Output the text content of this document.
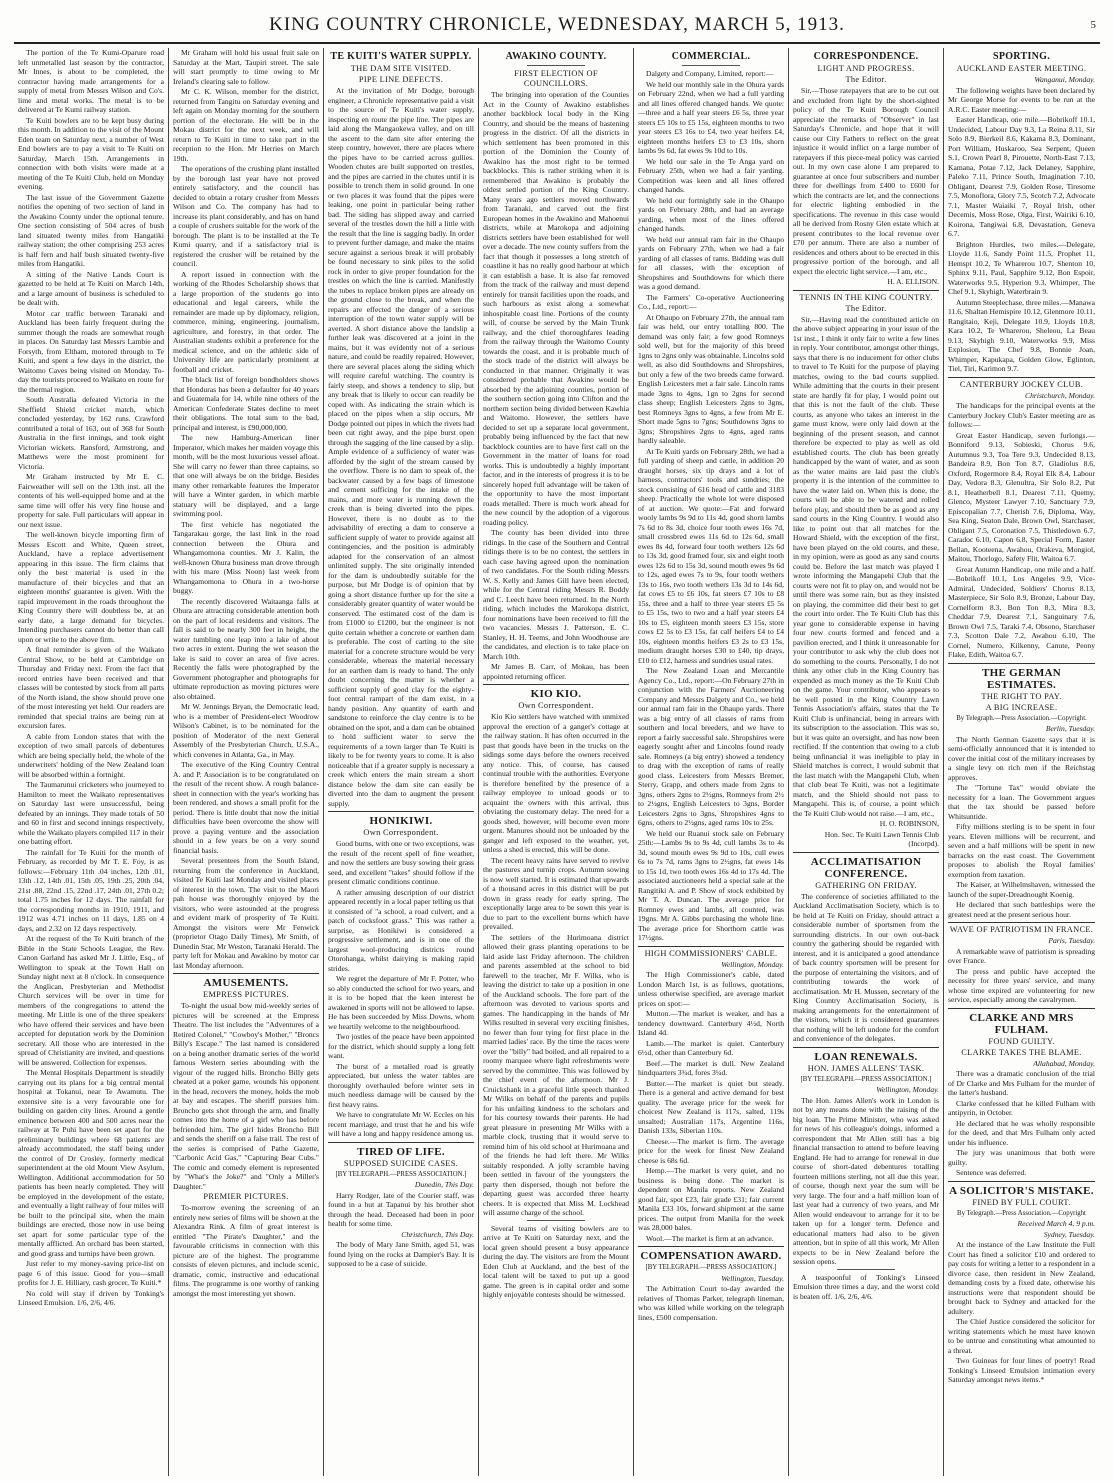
KING COUNTRY CHRONICLE, WEDNESDAY, MARCH 5, 1913.	5

The portion of the Te Kumi-Oparure road left unmetalled last season by the contractor, Mr Innes, is about to be completed, the contractor having made arrangements for a supply of metal from Messrs Wilson and Co's. lime and metal works. The metal is to be delivered at Te Kumi railway station.

Te Kuiti bowlers are to be kept busy during this month. In addition to the visit of the Mount Eden team on Saturday next, a number of West End bowlers are to pay a visit to Te Kuiti on Saturday, March 15th. Arrangements in connection with both visits were made at a meeting of the Te Kuiti Club, held on Monday evening.

The last issue of the Government Gazette notifies the opening of two section of land in the Awakino County under the optional tenure. One section consisting of 504 acres of bush land situated twenty miles from Hangatiki railway station; the other comprising 253 acres is half fern and half bush situated twenty-five miles from Hangatiki.

A sitting of the Native Lands Court is gazetted to be held at Te Kuiti on March 14th, and a large amount of business is scheduled to be dealt with.

Motor car traffic between Taranaki and Auckland has been fairly frequent during the summer though the roads are somewhat rough in places. On Saturday last Messrs Lambie and Forsyth, from Eltham, motored through to Te Kuiti, and spent a few days in the district, the Waitomo Caves being visited on Monday. To-day the tourists proceed to Waikato en route for the thermal region.

South Australia defeated Victoria in the Sheffield Shield cricket match, which concluded yesterday, by 162 runs. Crawford contributed a total of 163, out of 368 for South Australia in the first innings, and took eight Victorian wickets. Ransford, Armstrong, and Matthews were the most prominent for Victoria.

Mr Graham instructed by Mr E. C. Fairweather will sell on the 13th inst. all the contents of his well-equipped home and at the same time will offer his very fine house and property for sale. Full particulars will appear in our next issue.

The well-known bicycle importing firm of Messrs Escott and White, Queen street, Auckland, have a replace advertisement appearing in this issue. The firm claims that only the best material is used in the manufacture of their bicycles and that an eighteen months' guarantee is given. With the rapid improvement in the roads throughout the King Country there will doubtless be, at an early date, a large demand for bicycles. Intending purchasers cannot do better than call upon or write to the above firm.

A final reminder is given of the Waikato Central Show, to be held at Cambridge on Thursday and Friday next. From the fact that record entries have been received and that classes will be contested by stock from all parts of the North island, the show should prove one of the most interesting yet held. Our readers are reminded that special trains are being run at excursion fares.

A cable from London states that with the exception of two small parcels of debentures which are being specially held, the whole of the underwriters' holding of the New Zealand loan will be absorbed within a fortnight.

The Taumarunui cricketers who journeyed to Hamilton to meet the Waikato representatives on Saturday last were unsuccessful, being defeated by an innings. They made totals of 50 and 60 in first and second innings respectively, while the Waikato players compiled 117 in their one batting effort.

The rainfall for Te Kuiti for the month of February, as recorded by Mr T. E. Foy, is as follows:—February 11th .04 inches, 12th .01, 13th .12, 14th .01, 15th .05, 19th .25, 20th .04, 21st .88, 22nd .15, 22nd .17, 24th .01, 27th 0.2; total 1.75 inches for 12 days. The rainfall for the corresponding months in 1910, 1911, and 1912 was 4.71 inches on 11 days, 1.85 on 4 days, and 2.32 on 12 days respectively.

At the request of the Te Kuiti branch of the Bible in the State Schools League, the Rev. Canon Garland has asked Mr J. Little, Esq., of Wellington to speak at the Town Hall on Sunday night next at 8 o'clock. In consequence the Anglican, Presbyterian and Methodist Church services will be over in time for members of the congregations to attend the meeting. Mr Little is one of the three speakers who have offered their services and have been accepted for deputation work by the Dominion secretary. All those who are interested in the spread of Christianity are invited, and questions will be answered. Collection for expenses.

The Mental Hospitals Department is steadily carrying out its plans for a big central mental hospital at Tokanui, near Te Awamutu. The extensive site is a very favourable one for building on garden city lines. Around a gentle eminence between 400 and 500 acres near the railway at Te Puhi have been set apart for the preliminary buildings where 68 patients are already accommodated, the staff being under the control of Dr Crosley, formerly medical superintendent at the old Mount View Asylum, Wellington. Additional accommodation for 50 patients has been nearly completed. They will be employed in the development of the estate, and eventually a light railway of four miles will be built to the principal site, when the main buildings are erected, those now in use being set apart for some particular type of the mentally afflicted. An orchard has been started, and good grass and turnips have been grown.

Just refer to my money-saving price-list on page 6 of this issue. Good for you—small profits for J. E. Hilliary, cash grocer, Te Kuiti.*

No cold will stay if driven by Tonking's Linseed Emulsion. 1/6, 2/6, 4/6.

Mr Graham will hold his usual fruit sale on Saturday at the Mart, Taupiri street. The sale will start promptly to time owing to Mr Ireland's clearing sale to follow.

Mr C. K. Wilson, member for the district, returned from Tangitu on Saturday evening and left again on Monday morning for the southern portion of the electorate. He will be in the Mokau district for the next week, and will return to Te Kuiti in time to take part in the reception to the Hon. Mr Herries on March 19th.

The operations of the crushing plant installed by the borough last year have not proved entirely satisfactory, and the council has decided to obtain a rotary crusher from Messrs Wilson and Co. The company has had to increase its plant considerably, and has on hand a couple of crushers suitable for the work of the borough. The plant is to be installed at the Te Kumi quarry, and if a satisfactory trial is registered the crusher will be retained by the council.

A report issued in connection with the working of the Rhodes Scholarship shows that a large proportion of the students go into educational and legal careers, while the remainder are made up by diplomacy, religion, commerce, mining, engineering, journalism, agriculture, and forestry, in that order. The Australian students exhibit a preference for the medical science, and on the athletic side of University life are particularly prominent at football and cricket.

The black list of foreign bondholders shows that Honduras has been a defaulter for 40 years and Guatemala for 14, while nine others of the American Confederate States decline to meet their obligations. The total sum to the bad, principal and interest, is £90,000,000.

The new Hamburg-American liner Imperator, which makes her maiden voyage this month, will be the most luxurious vessel afloat. She will carry no fewer than three captains, so that one will always be on the bridge. Besides many other remarkable features the Imperator will have a Winter garden, in which marble statuary will be displayed, and a large swimming pool.

The first vehicle has negotiated the Tangarakau gorge, the last link in the road connection between the Ohura and Whangamomona counties. Mr J. Kalin, the well-known Ohura business man drove through with his mare (Miss Noon) last week from Whangamomona to Ohura in a two-horse buggy.

The recently discovered Waitaanga falls at Ohura are attracting considerable attention both on the part of local residents and visitors. The fall is said to be nearly 300 feet in height, the water tumbling one leap into a lake of about two acres in extent. During the wet season the lake is said to cover an area of five acres. Recently the falls were photographed by the Government photographer and photographs for ultimate reproduction as moving pictures were also obtained.

Mr W. Jennings Bryan, the Democratic lead, who is a member of President-elect Woodrow Wilson's Cabinet, is to be nominated for the position of Moderator of the next General Assembly of the Presbyterian Church, U.S.A., which convenes in Atlanta, Ga., in May.

The executive of the King Country Central A. and P. Association is to be congratulated on the result of the recent show. A rough balance-sheet in connection with the year's working has been rendered, and shows a small profit for the period. There is little doubt that now the initial difficulties have been overcome the show will prove a paying venture and the association should in a few years be on a very sound financial basis.

Several presentees from the South Island, returning from the conference in Auckland, visited Te Kuiti last Monday and visited places of interest in the town. The visit to the Maori pah house was thoroughly enjoyed by the visitors, who were astounded at the progress and evident mark of prosperity of Te Kuiti. Amongst the visitors were Mr Fenwick (proprietor Otago Daily Times), Mr Smith, of Dunedin Star, Mr Weston, Taranaki Herald. The party left for Mokau and Awakino by motor car last Monday afternoon.

AMUSEMENTS.
EMPRESS PICTURES.

To-night the usual bow mid-weekly series of pictures will be screened at the Empress Theatre. The list includes the "Adventures of a Retired Colonel," "Cowboy's Mother," "Broncs Billy's Escape." The last named is considered on a being another dramatic series of the world famous Western series abounding with the vigour of the rugged hills. Broncho Billy gets cheated at a poker game, wounds his opponent in the head, recovers the money, holds the mob at bay and escapes. The sheriff pursues him. Broncho gets shot through the arm, and finally comes into the home of a girl who has before befriended him. The girl hides Broncho Bill and sends the sheriff on a false trail. The rest of the series is comprised of Pathe Gazette, "Carbonic Acid Gas," "Capturing Bear Cubs." The comic and comedy element is represented by "What's the Joke?" and "Only a Miller's Daughter."

PREMIER PICTURES.

To-morrow evening the screening of an entirely new series of films will be shown at the Alexandra Rink. A film of great interest is entitled "The Pirate's Daughter," and the favourable criticisms in connection with this picture are of the highest. The programme consists of eleven pictures, and include scenic, dramatic, comic, instructive and educational films. The programme is one worthy of ranking amongst the most interesting yet shown.

TE KUITI'S WATER SUPPLY.
THE DAM SITE VISITED.
PIPE LINE DEFECTS.

At the invitation of Mr Dodge, borough engineer, a Chronicle representative paid a visit to the source of Te Kuiti's water supply, inspecting en route the pipe line. The pipes are laid along the Mangaokewa valley, and on till the ascent to the dam site after entering the steep country, however, there are places where the pipes have to be carried across gullies. Wooden chutes are built supported on trestles, and the pipes are carried in the chutes until it is possible to trench them in solid ground. In one or two places it was found that the pipes were leaking, one point in particular being rather bad. The siding has slipped away and carried several of the trestles down the hill a little with the result that the line is sagging badly. In order to prevent further damage, and make the mains secure against a serious break it will probably be found necessary to sink piles to the solid rock in order to give proper foundation for the trestles on which the line is carried. Manifestly the tubes to replace broken pipes are already on the ground close to the break, and when the repairs are effected the danger of a serious interruption of the town water supply will be averted. A short distance above the landslip a further leak was discovered at a joint in the mains, but it was evidently not of a serious nature, and could be readily repaired. However, there are several places along the siding which will require careful watching. The country is fairly steep, and shows a tendency to slip, but any break that is likely to occur can readily be coped with. As indicating the strain which is placed on the pipes when a slip occurs, Mr Dodge pointed out pipes in which the rivets had been cut right away, and the pipe burst open through the sagging of the line caused by a slip. Ample evidence of a sufficiency of water was afforded by the sight of the stream caused by the overflow. There is no dam to speak of, the backwater caused by a few bags of limestone and cement sufficing for the intake of the mains, and more water is running down the creek than is being diverted into the pipes. However, there is no doubt as to the advisability of erecting a dam to conserve a sufficient supply of water to provide against all contingencies, and the position is admirably adapted for the conservation of an almost unlimited supply. The site originally intended for the dam is undoubtedly suitable for the purpose, but Mr Dodge is of opinion that by going a short distance further up for the site a considerably greater quantity of water would be conserved. The estimated cost of the dam is from £1000 to £1200, but the engineer is not quite certain whether a concrete or earthen dam is preferable. The cost of carting to the site material for a concrete structure would be very considerable, whereas the material necessary for an earthen dam is ready to hand. The only doubt concerning the matter is whether a sufficient supply of good clay for the eighty-foot central rampart of the dam exist, in a handy position. Any quantity of earth and sandstone to reinforce the clay centre is to be obtained on the spot, and a dam can be obtained to hold sufficient water to serve the requirements of a town larger than Te Kuiti is likely to be for twenty years to come. It is also noticeable that if a greater supply is necessary a creek which enters the main stream a short distance below the dam site can easily be diverted into the dam to augment the present supply.

HONIKIWI.
Own Correspondent.

Good burns, with one or two exceptions, was the result of the recent spell of fine weather, and now the settlers are busy sowing their grass seed, and excellent "takes" should follow if the present climatic conditions continue.

A rather amusing description of our district appeared recently in a local paper telling us that it consisted of "a school, a road culvert, and a patch of cocksfoot grass." This was rather a surprise, as Honikiwi is considered a progressive settlement, and is in one of the largest wool-producing districts round Otorohanga, whilst dairying is making rapid strides.

We regret the departure of Mr F. Potter, who so ably conducted the school for two years, and it is to be hoped that the keen interest he awakened in sports will not be allowed to lapse. He has been succeeded by Miss Downs, whom we heartily welcome to the neighbourhood.

Two jostles of the peace have been appointed for the district, which should supply a long felt want.

The burst of a metalled road is greatly appreciated, but unless the water tables are thoroughly overhauled before winter sets in much needless damage will be caused by the first heavy rains.

We have to congratulate Mr W. Eccles on his recent marriage, and trust that he and his wife will have a long and happy residence among us.

TIRED OF LIFE.
SUPPOSED SUICIDE CASES.
[BY TELEGRAPH.—PRESS ASSOCIATION.]
Dunedin, This Day.

Harry Rodger, late of the Courier staff, was found in a hut at Tapanui by his brother shot through the head. Deceased had been in poor health for some time.

Christchurch, This Day.

The body of Mary Jane Smith, aged 51, was found lying on the rocks at Dampier's Bay. It is supposed to be a case of suicide.

AWAKINO COUNTY.
FIRST ELECTION OF COUNCILLORS.

The bringing into operation of the Counties Act in the County of Awakino establishes another backblock local body in the King Country, and should be the means of hastening progress in the district. Of all the districts in which settlement has been promoted in this portion of the Dominion the County of Awakino has the most right to be termed backblocks. This is rather striking when it is remembered that Awakino is probably the oldest settled portion of the King Country. Many years ago settlers moved northwards from Taranaki, and carved out the first European homes in the Awakino and Mahoenui districts, while at Marokopa and adjoining districts settlers have been established for well over a decade. The new county suffers from the fact that though it possesses a long stretch of coastline it has no really good harbour at which it can establish a base. It is also far removed from the track of the railway and must depend entirely for transit facilities upon the roads, and such harbours as exist along a somewhat inhospitable coast line. Portions of the county will, of course be served by the Main Trunk railway, and the chief thoroughfares leading from the railway through the Waitomo County towards the coast, and it is probable much of the stock trade of the district will always be conducted in that manner. Originally it was considered probable that Awakino would be absorbed by the adjoining counties, portion of the southern section going into Clifton and the northern section being divided between Kawhia and Waitomo. However, the settlers have decided to set up a separate local government, probably being influenced by the fact that new backblock counties are to have first call on the Government in the matter of loans for road works. This is undoubtedly a highly important factor, and in the interests of progress it is to be sincerely hoped full advantage will be taken of the opportunity to have the most important roads metalled. There is much work ahead for the new council by the adoption of a vigorous roading policy.

The county has been divided into three ridings. In the case of the Southern and Central ridings there is to be no contest, the settlers in each case having agreed upon the nomination of two candidates. For the South riding Messrs W. S. Kelly and James Gill have been elected, while for the Central riding Messrs R. Boddy and C. Leech have been returned. In the North riding, which includes the Marokopa district, four nominations have been received to fill the two vacancies. Messrs J. Patterson, E. C. Stanley, H. H. Teems, and John Woodhouse are the candidates, and election is to take place on March 10th.

Mr James B. Carr, of Mokau, has been appointed returning officer.

KIO KIO.
Own Correspondent.

Kio Kio settlers have watched with unmixed approval the erection of a ganger's cottage at the railway station. It has often occurred in the past that goods have been in the trucks on the sidings some days before the owners received any notice. This, of course, has caused continual trouble with the authorities. Everyone is therefore benefited by the presence of a railway employee to unload goods or to acquaint the owners with this arrival, thus obviating the customary delay. The need for a goods shed, however, will become even more urgent. Manures should not be unloaded by the ganger and left exposed to the weather, yet, unless a shed is erected, this will be done.

The recent heavy rains have served to revive the pastures and turnip crops. Autumn sowing is now well started. It is estimated that upwards of a thousand acres in this district will be put down in grass ready for early spring. The exceptionally large area to be sown this year is due to part to the excellent burns which have prevailed.

The settlers of the Hurimoana district allowed their grass planting operations to be laid aside last Friday afternoon. The children and parents assembled at the school to bid farewell to the teacher, Mr F. Wilks, who is leaving the district to take up a position in one of the Auckland schools. The fore part of the afternoon was devoted to various sports and games. The handicapping in the hands of Mr Wilks resulted in several very exciting finishes, no fewer than four tying for first place in the married ladies' race. By the time the races were over the "billy" had boiled, and all repaired to a roomy marquee where light refreshments were served by the committee. This was followed by the chief event of the afternoon. Mr J. Cruickshank in a graceful little speech thanked Mr Wilks on behalf of the parents and pupils for his unfailing kindness to the scholars and for his courtesy towards their parents. He had great pleasure in presenting Mr Wilks with a marble clock, trusting that it would serve to remind him of his old school at Hurimoana and of the friends he had left there. Mr Wilks suitably responded. A jolly scramble having been settled in favour of the youngsters the party then dispersed, though not before the departing guest was accorded three hearty cheers. It is expected that Miss M. Lockhead will assume charge of the school.

Several teams of visiting bowlers are to arrive at Te Kuiti on Saturday next, and the local green should present a busy appearance during the day. The visitors are from the Mount Eden Club at Auckland, and the best of the local talent will be taxed to put up a good game. The green is in capital order and some highly enjoyable contests should be witnessed.

COMMERCIAL.

Dalgety and Company, Limited, report:—

We held our monthly sale in the Ohura yards on February 22nd, when we had a full yarding and all lines offered changed hands. We quote:—three and a half year steers £6 5s, three year steers £5 10s to £5 15s, eighteen months to two year steers £3 16s to £4, two year heifers £4, eighteen months heifers £3 to £3 10s, shorn lambs 9s 6d, fat ewes 9s 10d to 10s.

We held our sale in the Te Anga yard on February 25th, when we had a fair yarding. Competition was keen and all lines offered changed hands.

We held our fortnightly sale in the Ohaupo yards on February 28th, and had an average yarding, when most of the lines offered changed hands.

We held our annual ram fair in the Ohaupo yards on February 27th, when we had a fair yarding of all classes of rams. Bidding was dull for all classes, with the exception of Shropshires and Southdowns for which there was a good demand.

The Farmers' Co-operative Auctioneering Co., Ltd., report:—

At Ohaupo on February 27th, the annual ram fair was held, our entry totalling 800. The demand was only fair; a few good Romneys sold well, but for the majority of this breed 1gns to 2gns only was obtainable. Lincolns sold well, as also did Southdowns and Shropshires, but only a few of the two breeds came forward. English Leicesters met a fair sale. Lincoln rams made 3gns to 4gns, 1gn to 2gns for second class sheep; English Leicesters 2gns to 3gns, best Romneys 3gns to 4gns, a few from Mr E. Short made 5gns to 7gns; Southdowns 3gns to 3gns; Shropshires 2gns to 4gns, aged rams hardly saleable.

At Te Kuiti yards on February 28th, we had a full yarding of sheep and cattle, in addition 20 draught horses, six tip drays and a lot of harness, contractors' tools and sundries; the stock consisting of 616 head of cattle and 3183 sheep. Practically the whole lot were disposed of at auction. We quote:—Fat and forward wooly lambs 9s 9d to 11s 4d, good shorn lambs 7s 6d to 8s 3d, choice four tooth ewes 16s 7d, small crossbred ewes 11s 6d to 12s 6d, small ewes 8s 4d, forward four tooth wethers 12s 6d to 13s 3d, good framed four, six and eight tooth ewes 12s 6d to 15s 3d, sound mouth ewes 9s 6d to 12s, aged ewes 7s to 9s, four tooth wethers 13s to 16s, two tooth wethers 13s 3d to 14s 6d, fat cows £5 to £6 10s, fat steers £7 10s to £8 15s, three and a half to three year steers £5 5s to £5 15s, two to two and a half year steers £4 10s to £5, eighteen month steers £3 15s, store cows £2 5s to £3 15s, fat calf heifers £4 to £4 10s, eighteen months heifers £3 2s to £3 15s, medium draught horses £30 to £40, tip drays, £10 to £12, harness and sundries usual rates.

The New Zealand Loan and Mercantile Agency Co., Ltd., report:—On February 27th in conjunction with the Farmers' Auctioneering Company and Messrs Dalgety and Co., we held our annual ram fair in the Ohaupo yards. There was a big entry of all classes of rams from southern and local breeders, and we have to report a fairly successful sale. Shropshires were eagerly sought after and Lincolns found ready sale. Romneys (a big entry) showed a tendency to drag with the exception of rams of really good class. Leicesters from Messrs Bremer, Sterry, Grapp, and others made from 2gns to 3gns, others 2gns to 2½gns, Romneys from 2½ to 2½gns, English Leicesters to 3gns, Border Leicesters 2gns to 3gns, Shropshires 4gns to 6gns, others to 2½gns, aged rams 10s to 25s.

We held our Ruanui stock sale on February 25th:—Lambs 9s to 9s 4d, cull lambs 3s to 4s 3d, sound mouth ewes 9s 9d to 10s, cull ewes 6s to 7s 7d, rams 3gns to 2½gns, fat ewes 14s to 15s 1d, two tooth ewes 16s 4d to 17s 4d. The associated auctioneers held a special sale at the Rangitiki A. and P. Show of stock exhibited by Mr T. A. Duncan. The average price for Romney ewes and lambs, all counted, was 19gns. Mr A. Gibbs purchasing the whole line. The average price for Shorthorn cattle was 17½gns.

HIGH COMMISSIONERS' CABLE.
Wellington, Monday.

The High Commissioner's cable, dated London March 1st, is as follows, quotations, unless otherwise specified, are average market prices on spot:—

Mutton.—The market is weaker, and has a tendency downward. Canterbury 4½d, North Island 4d.

Lamb.—The market is quiet. Canterbury 6½d, other than Canterbury 6d.

Beef.—The market is dull. New Zealand hindquarters 3¾d, fores 3¼d.

Butter.—The market is quiet but steady. There is a general and active demand for best quality. The average price for the week for choicest New Zealand is 117s, salted, 119s unsalted; Australian 117s, Argentine 116s, Danish 133s, Siberian 110s.

Cheese.—The market is firm. The average price for the week for finest New Zealand cheese is 68s 6d.

Hemp.—The market is very quiet, and no business is being done. The market is dependent on Manila reports. New Zealand good fair, spot £23, fair grade £31; fair current Manila £33 10s, forward shipment at the same prices. The output from Manila for the week was 28,000 bales.

Wool.—The market is firm at an advance.

COMPENSATION AWARD.
[BY TELEGRAPH.—PRESS ASSOCIATION.]
Wellington, Tuesday.

The Arbitration Court to-day awarded the relatives of Thomas Parker, telegraph lineman, who was killed while working on the telegraph lines, £500 compensation.

CORRESPONDENCE.
LIGHT AND PROGRESS.
The Editor.

Sir,—Those ratepayers that are to be cut out and excluded from light by the short-sighted policy of the Te Kuiti Borough Council appreciate the remarks of "Observer" in last Saturday's Chronicle, and hope that it will cause our City Fathers to reflect on the great injustice it would inflict on a large number of ratepayers if this piece-meal policy was carried out. In my own case alone I am prepared to guarantee at once four subscribers and number three for dwellings from £400 to £600 for which the contracts are let, and the connections for electric lighting embodied in the specifications. The revenue in this case would all be derived from Rosny Glen estate which at present contributes to the local revenue over £70 per annum. There are also a number of residences and others about to be erected in this progressive portion of the borough, and all expect the electric light service.—I am, etc.,

H. A. ELLISON.
TENNIS IN THE KING COUNTRY.
The Editor.

Sir,—Having read the contributed article on the above subject appearing in your issue of the 1st inst., I think it only fair to write a few lines in reply. Your contributor, amongst other things, says that there is no inducement for other clubs to travel to Te Kuiti for the purpose of playing matches, owing to the bad courts supplied. While admitting that the courts in their present state are hardly fit for play, I would point out that this is not the fault of the club. These courts, as anyone who takes an interest in the game must know, were only laid down at the beginning of the present season, and cannot therefore be expected to play as well as old established courts. The club has been greatly handicapped by the want of water, and as soon as the water mains are laid past the club's property it is the intention of the committee to have the water laid on. When this is done, the courts will be able to be watered and rolled before play, and should then be as good as any sand courts in the King Country. I would also like to point out that all matches for the Howard Shield, with the exception of the first, have been played on the old courts, and these, in my opinion, were as good as any sand courts could be. Before the last match was played I wrote informing the Mangapehi Club that the courts were not fit to play on, and would not be until there was some rain, but as they insisted on playing, the committee did their best to get the court into order. The Te Kuiti Club has this year gone to considerable expense in having four new courts formed and fenced and a pavilion erected, and I think it unreasonable for your contributor to ask why the club does not do something to the courts. Personally, I do not think any other club in the King Country has expended as much money as the Te Kuiti Club on the game. Your contributor, who appears to be well posted in the King Country Lawn Tennis Association's affairs, states that the Te Kuiti Club is unfinancial, being in arrears with its subscription to the association. This was so, but it was quite an oversight, and has now been rectified. If the contention that owing to a club being unfinancial it was ineligible to play in Shield matches is correct, I would submit that the last match with the Mangapehi Club, when that club beat Te Kuiti, was not a legitimate match, and the Shield should not pass to Mangapehi. This is, of course, a point which the Te Kuiti Club would not raise.—I am, etc.,

H. O. ROBINSON,
Hon. Sec. Te Kuiti Lawn Tennis Club (Incorpd).
ACCLIMATISATION CONFERENCE.
GATHERING ON FRIDAY.

The conference of societies affiliated to the Auckland Acclimatisation Society, which is to be held at Te Kuiti on Friday, should attract a considerable number of sportsmen from the surrounding districts. In our own out-back country the gathering should be regarded with interest, and it is anticipated a good attendance of back country sportsmen will be present for the purpose of entertaining the visitors, and of contributing towards the work of acclimatisation. Mr H. Mussen, secretary of the King Country Acclimatisation Society, is making arrangements for the entertainment of the visitors, which it is considered guarantees that nothing will be left undone for the comfort and convenience of the delegates.

LOAN RENEWALS.
HON. JAMES ALLENS' TASK.
[BY TELEGRAPH.—PRESS ASSOCIATION.]
Wellington, Monday.

The Hon. James Allen's work in London is not by any means done with the raising of the big loan. The Prime Minister, who was asked for news of his colleague's doings, informed a correspondent that Mr Allen still has a big financial transaction to attend to before leaving England. He had to arrange for renewal in due course of short-dated debentures totalling fourteen millions sterling, not all due this year, of course, though next year the sum will be very large. The four and a half million loan of last year had a currency of two years, and Mr Allen would endeavour to arrange for it to be taken up for a longer term. Defence and educational matters had also to be given attention, but in spite of all this work, Mr Allen expects to be in New Zealand before the session opens.

A teaspoonful of Tonking's Linseed Emulsion three times a day, and the worst cold is beaten off. 1/6, 2/6, 4/6.

SPORTING.
AUCKLAND EASTER MEETING.
Wanganui, Monday.

The following weights have been declared by Mr George Morse for events to be run at the A.R.C. Easter meeting:—

Easter Handicap, one mile.—Bobrikoff 10.1, Undecided, Labour Day 9.3, La Reina 8.11, Sir Solo 8.9, Bierkeil 8.6, Kakama 8.3, Dominant, Port William, Huskaroo, Sea Serpent, Queen S.1, Crown Pearl 8, Pirouette, North-East 7.13, Kamana, Potae 7.12, Jack Delaney, Sapphire, Paleko 7.11, Prince South, Imagination 7.10, Obligant, Dearest 7.9, Golden Rose, Tiresome 7.5, Monoflora, Glory 7.5, Scotch 7.2, Advocate 7.1, Master Waiaiki 7, Royal Irish, other Decemis, Moss Rose, Olga, First, Wairiki 6.10, Koirona, Tangiwai 6.8, Devastation, Geneva 6.7.

Brighton Hurdles, two miles.—Delegate, Lloyde 11.6, Sandy Point 11.5, Prophet 11, Hemspt 10.2, Te Wharerou 10.7, Shenton 10, Sphinx 9.11, Paul, Sapphire 9.12, Bon Espoir, Waterworks 9.5, Hyperion 9.3, Whimper, The Chef 9.1, Skyhigh, Waterbrain 9.

Autumn Steeplechase, three miles.—Manawa 11.6, Shaltan Hemispire 10.12, Glenmore 10.11, Rangitaio, Keji, Delegate 10.9, Lloyds 10.8, Kara 10.2, Te Wharerou, Sheleou, La Beau 9.13, Skyhigh 9.10, Waterworks 9.9, Miss Explosion, The Chef 9.8, Bonnie Joan, Whimper, Kapukapa, Golden Glow, Eglinton, Tiel, Tiri, Karimon 9.7.

CANTERBURY JOCKEY CLUB.
Christchurch, Monday.

The handicaps for the principal events at the Canterbury Jockey Club's Easter meeting are as follows:—

Great Easter Handicap, seven furlongs.—Bonniford 9.13, Sobieski, Chorus 9.6, Autumnus 9.3, Toa Tere 9.3, Undecided 8.13, Bandeira 8.9, Bon Ton 8.7, Gladiolus 8.6, Oxford, Rogermore 8.4, Royal Elk 8.4, Labour Day, Vedora 8.3, Glenultra, Sir Solo 8.2, Put 8.1, Heatherbell 8.1, Dearest 7.11, Quemy, Glenco, Mysteer Lawyer 7.10, Sanctuary 7.9, Episcopalian 7.7, Cherish 7.6, Diploma, Way, Sea King, Seaton Dale, Brown Owl, Starchaser, Obligant 7.5, Coronation 7.5, Thistledown 6.7, Caradoc 6.10, Capon 6.8, Special Form, Easter Bellan, Kooteena, Awahou, Orakeva, Mongiol, Maitou, Thorlogo, Safety Flit, Waitoa 6.7.

Great Autumn Handicap, one mile and a half.—Bobrikoff 10.1, Los Angeles 9.9, Vice-Admiral, Undecided, Soldiers' Chorus 8.13, Masterpiece, Sir Solo 8.9, Bronze, Labour Day, Cornelform 8.3, Bon Ton 8.3, Mira 8.3, Cheddar 7.9, Dearest 7.1, Sanguinary 7.6, Brown Owl 7.5, Taraki 7.4, Obsono, Starchaser 7.3, Scotton Dale 7.2, Awahou 6.10, The Cornel, Numero, Kilkenny, Canute, Peony Flake, Edith, Waitoa 6.7.

THE GERMAN ESTIMATES.
THE RIGHT TO PAY.
A BIG INCREASE.
By Telegraph.—Press Association.—Copyright.
Berlin, Tuesday.

The North German Gazette says that it is semi-officially announced that it is intended to cover the initial cost of the military increases by a single levy on rich men if the Reichstag approves.

The "Tortune Tax" would obviate the necessity for a loan. The Government argues that the tax should be passed before Whitsuntide.

Fifty millions sterling is to be spent in four years. Eleven millions will be recurrent, and seven and a half millions will be spent in new barracks on the east coast. The Government proposes to abolish the Royal families' exemption from taxation.

The Kaiser, at Wilhelmshaven, witnessed the launch of the super-Dreadnought Koenig.

He declared that such battleships were the greatest need at the present serious hour.

WAVE OF PATRIOTISM IN FRANCE.
Paris, Tuesday.

A remarkable wave of patriotism is spreading over France.

The press and public have accepted the necessity for three years' service, and many whose time expired are volunteering for new service, especially among the cavalrymen.

CLARKE AND MRS FULHAM.
FOUND GUILTY.
CLARKE TAKES THE BLAME.
Allahabad, Monday.

There was a dramatic conclusion of the trial of Dr Clarke and Mrs Fulham for the murder of the latter's husband.

Clarke confessed that he killed Fulham with antipyrin, in October.

He declared that he was wholly responsible for the deed, and that Mrs Fulham only acted under his influence.

The jury was unanimous that both were guilty.

Sentence was deferred.

A SOLICITOR'S MISTAKE.
FINED BY FULL COURT.
By Telegraph.—Press Association.—Copyright
Received March 4, 9 p.m.
Sydney, Tuesday.

At the instance of the Law Institute the Full Court has fined a solicitor £10 and ordered to pay costs for writing a letter to a respondent in a divorce case, then resident in New Zealand, demanding costs by a fixed date, otherwise his instructions were that respondent should be brought back to Sydney and attacked for the adultery.

The Chief Justice considered the solicitor for writing statements which he must have known to be untrue and constituting what amounted to a threat.

Two Guineas for four lines of poetry! Read Tonking's Linseed Emulsion intimation every Saturday amongst news items.*
